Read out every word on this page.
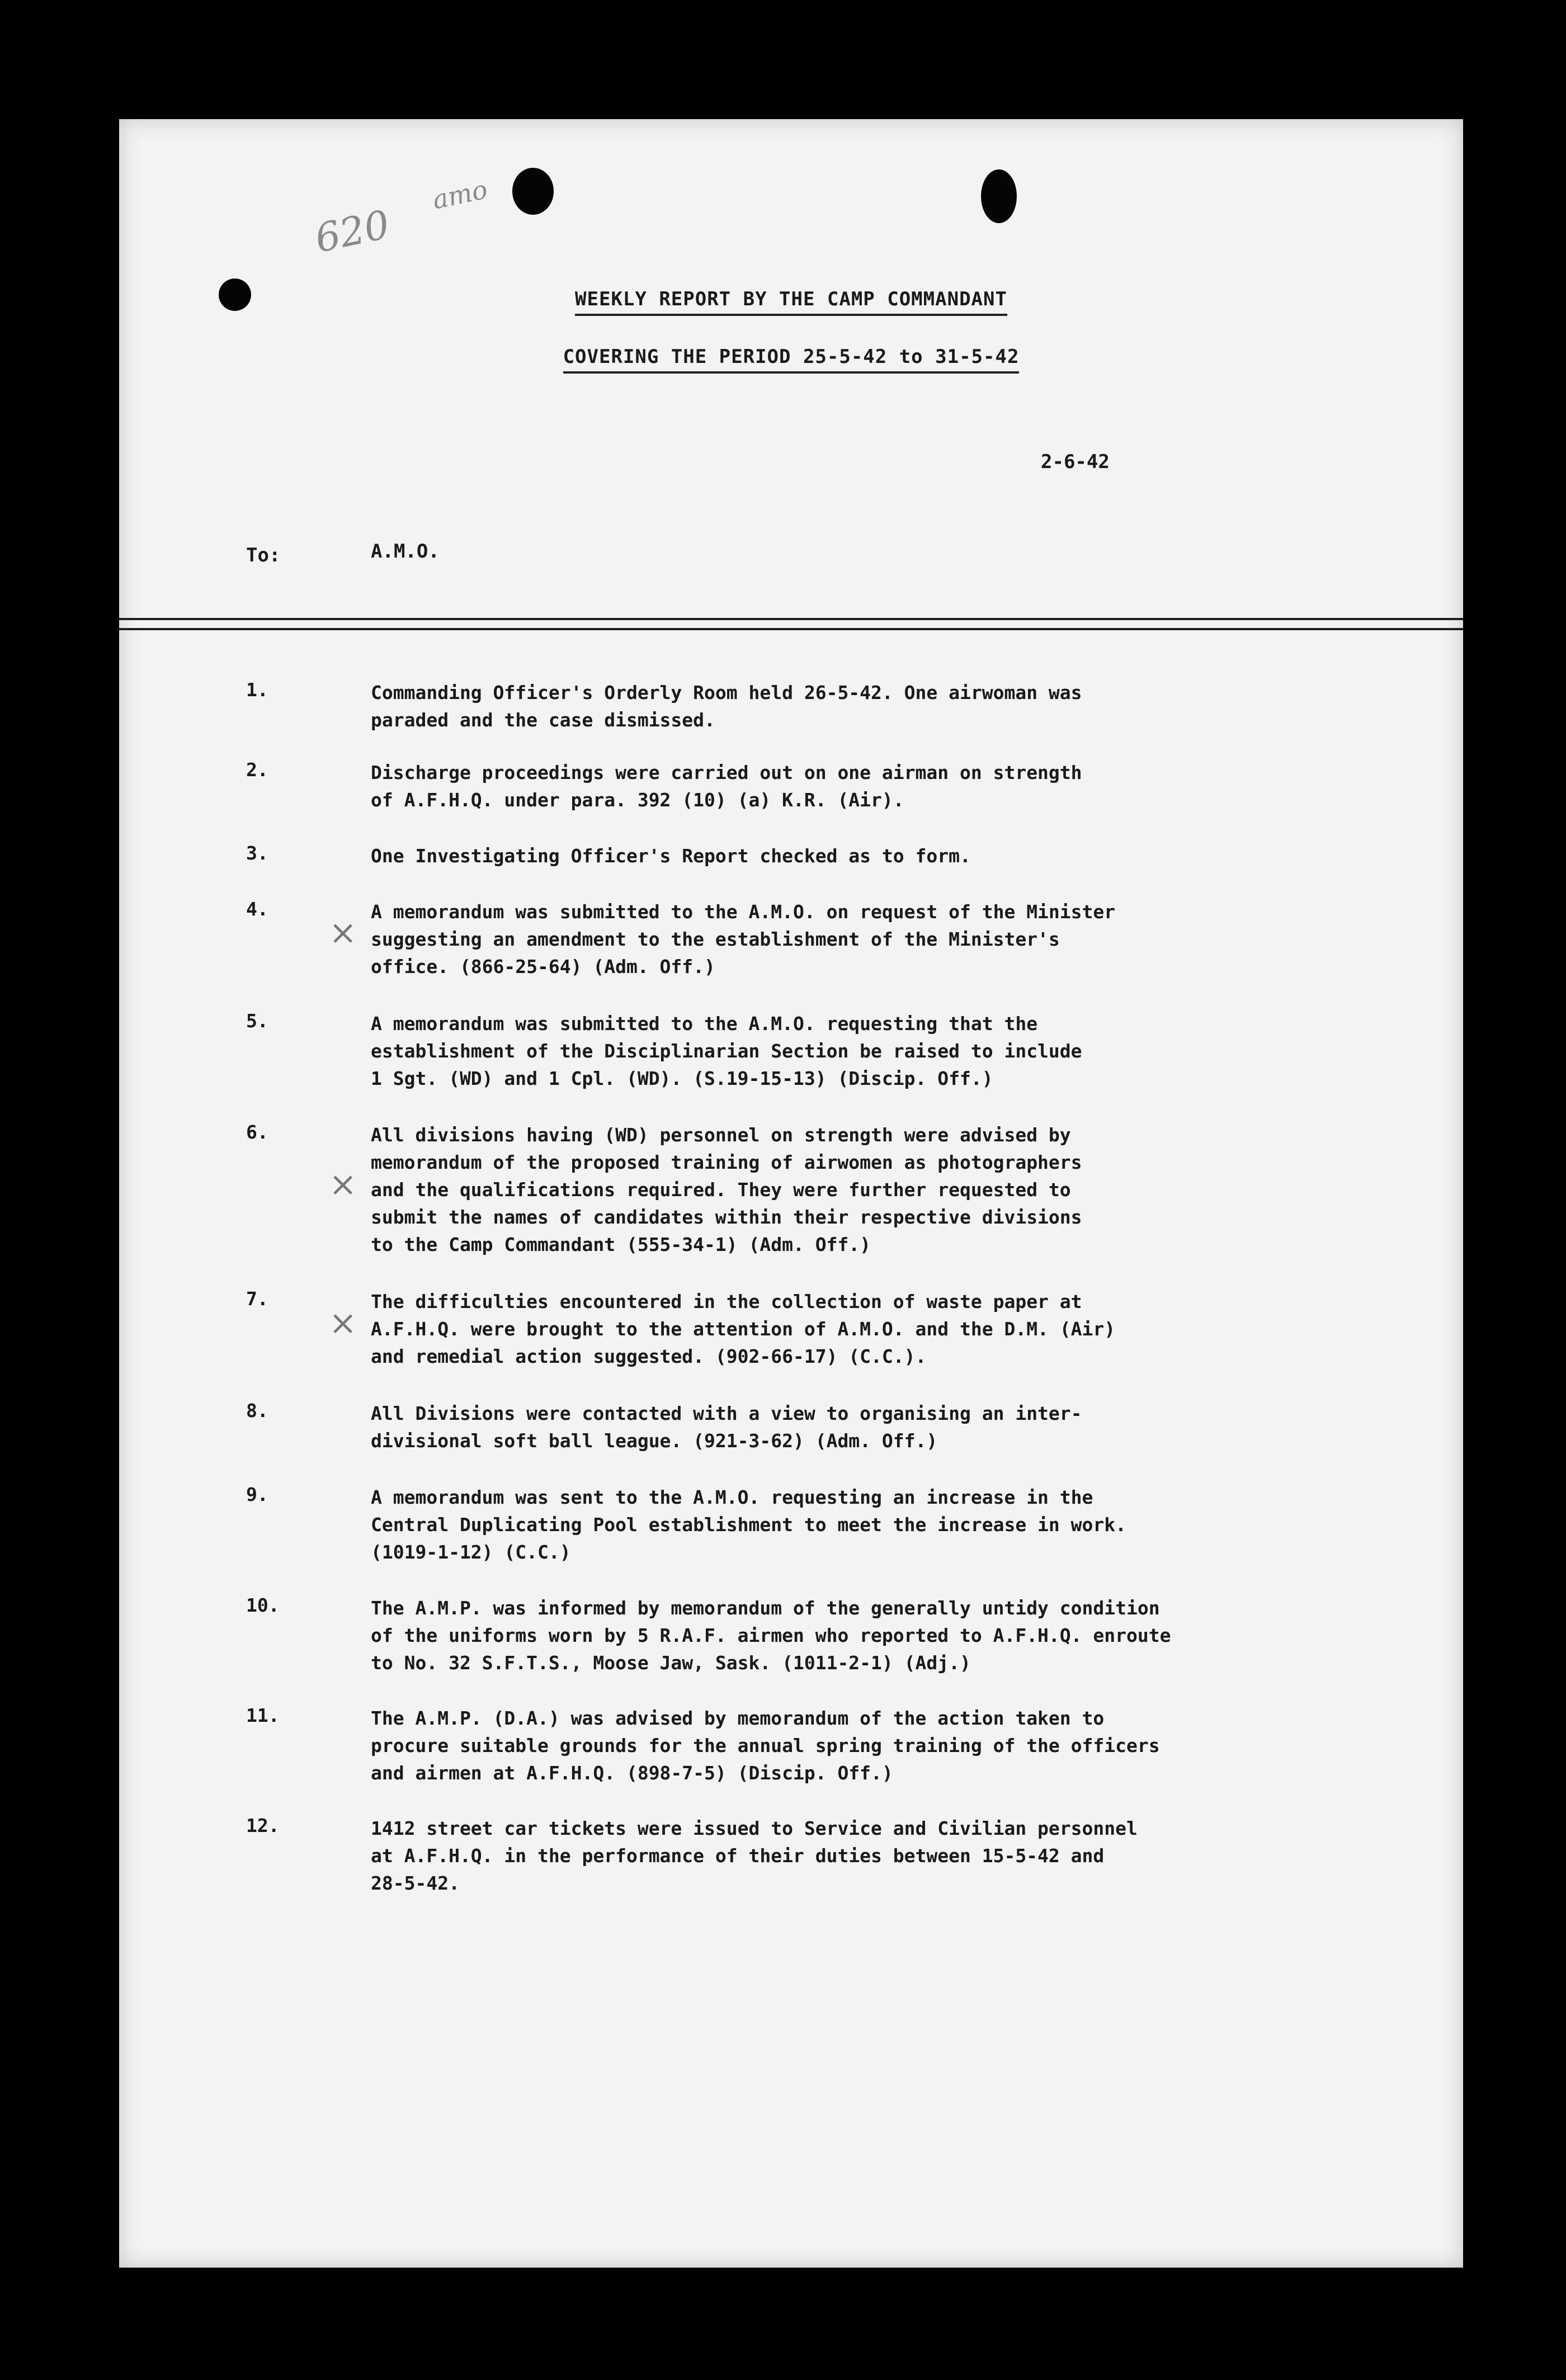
620
amo
WEEKLY REPORT BY THE CAMP COMMANDANT
COVERING THE PERIOD 25-5-42 to 31-5-42
2-6-42
To:	A.M.O.
1.	Commanding Officer's Orderly Room held 26-5-42. One airwoman was
paraded and the case dismissed.
2.	Discharge proceedings were carried out on one airman on strength
of A.F.H.Q. under para. 392 (10) (a) K.R. (Air).
3.	One Investigating Officer's Report checked as to form.
4.	A memorandum was submitted to the A.M.O. on request of the Minister
suggesting an amendment to the establishment of the Minister's
office. (866-25-64) (Adm. Off.)
5.	A memorandum was submitted to the A.M.O. requesting that the
establishment of the Disciplinarian Section be raised to include
1 Sgt. (WD) and 1 Cpl. (WD). (S.19-15-13) (Discip. Off.)
6.	All divisions having (WD) personnel on strength were advised by
memorandum of the proposed training of airwomen as photographers
and the qualifications required. They were further requested to
submit the names of candidates within their respective divisions
to the Camp Commandant (555-34-1) (Adm. Off.)
7.	The difficulties encountered in the collection of waste paper at
A.F.H.Q. were brought to the attention of A.M.O. and the D.M. (Air)
and remedial action suggested. (902-66-17) (C.C.).
8.	All Divisions were contacted with a view to organising an inter-
divisional soft ball league. (921-3-62) (Adm. Off.)
9.	A memorandum was sent to the A.M.O. requesting an increase in the
Central Duplicating Pool establishment to meet the increase in work.
(1019-1-12) (C.C.)
10.	The A.M.P. was informed by memorandum of the generally untidy condition
of the uniforms worn by 5 R.A.F. airmen who reported to A.F.H.Q. enroute
to No. 32 S.F.T.S., Moose Jaw, Sask. (1011-2-1) (Adj.)
11.	The A.M.P. (D.A.) was advised by memorandum of the action taken to
procure suitable grounds for the annual spring training of the officers
and airmen at A.F.H.Q. (898-7-5) (Discip. Off.)
12.	1412 street car tickets were issued to Service and Civilian personnel
at A.F.H.Q. in the performance of their duties between 15-5-42 and
28-5-42.
×
×
×
